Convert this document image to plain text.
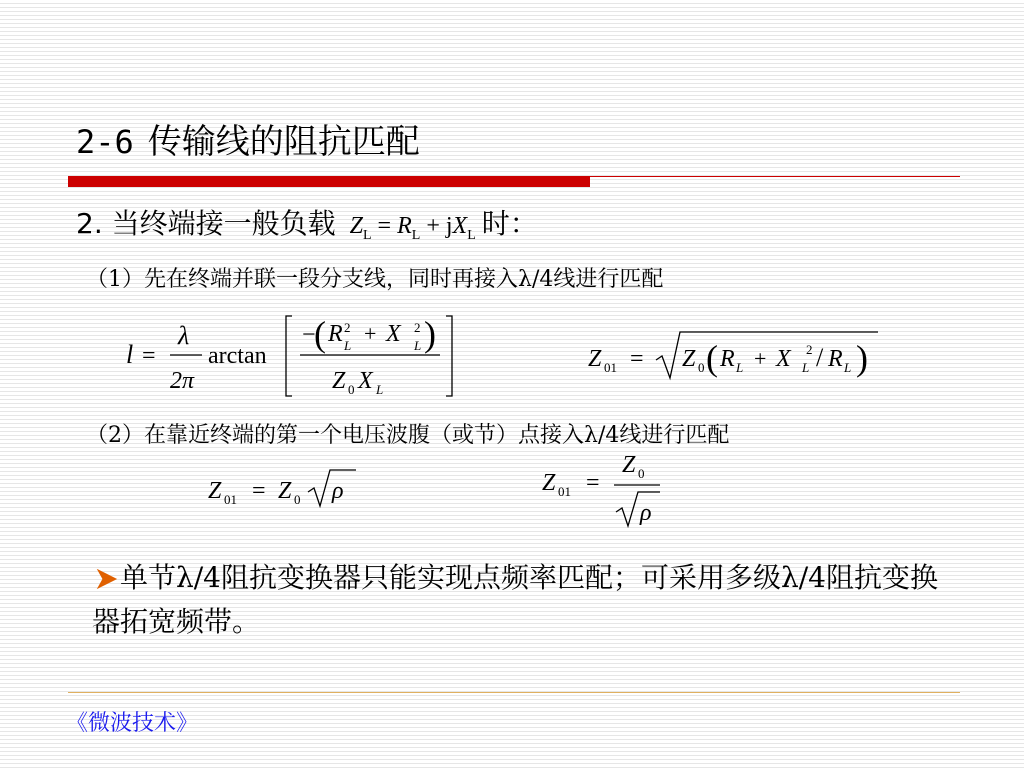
2-6 传输线的阻抗匹配
2. 当终端接一般负载 $Z_L = R_L + jX_L$ 时：
（1）先在终端并联一段分支线，同时再接入λ/4线进行匹配
l =
λ
2π
arctan
−
( R 2
L + X 2
L )
Z 0 X L
Z 01 = Z 0 ( R L + X 2
L / R L )
（2）在靠近终端的第一个电压波腹（或节）点接入λ/4线进行匹配
Z 01 = Z 0 ρ	Z 01 =
Z 0
ρ
单节λ/4阻抗变换器只能实现点频率匹配；可采用多级λ/4阻抗变换器拓宽频带。
《微波技术》
